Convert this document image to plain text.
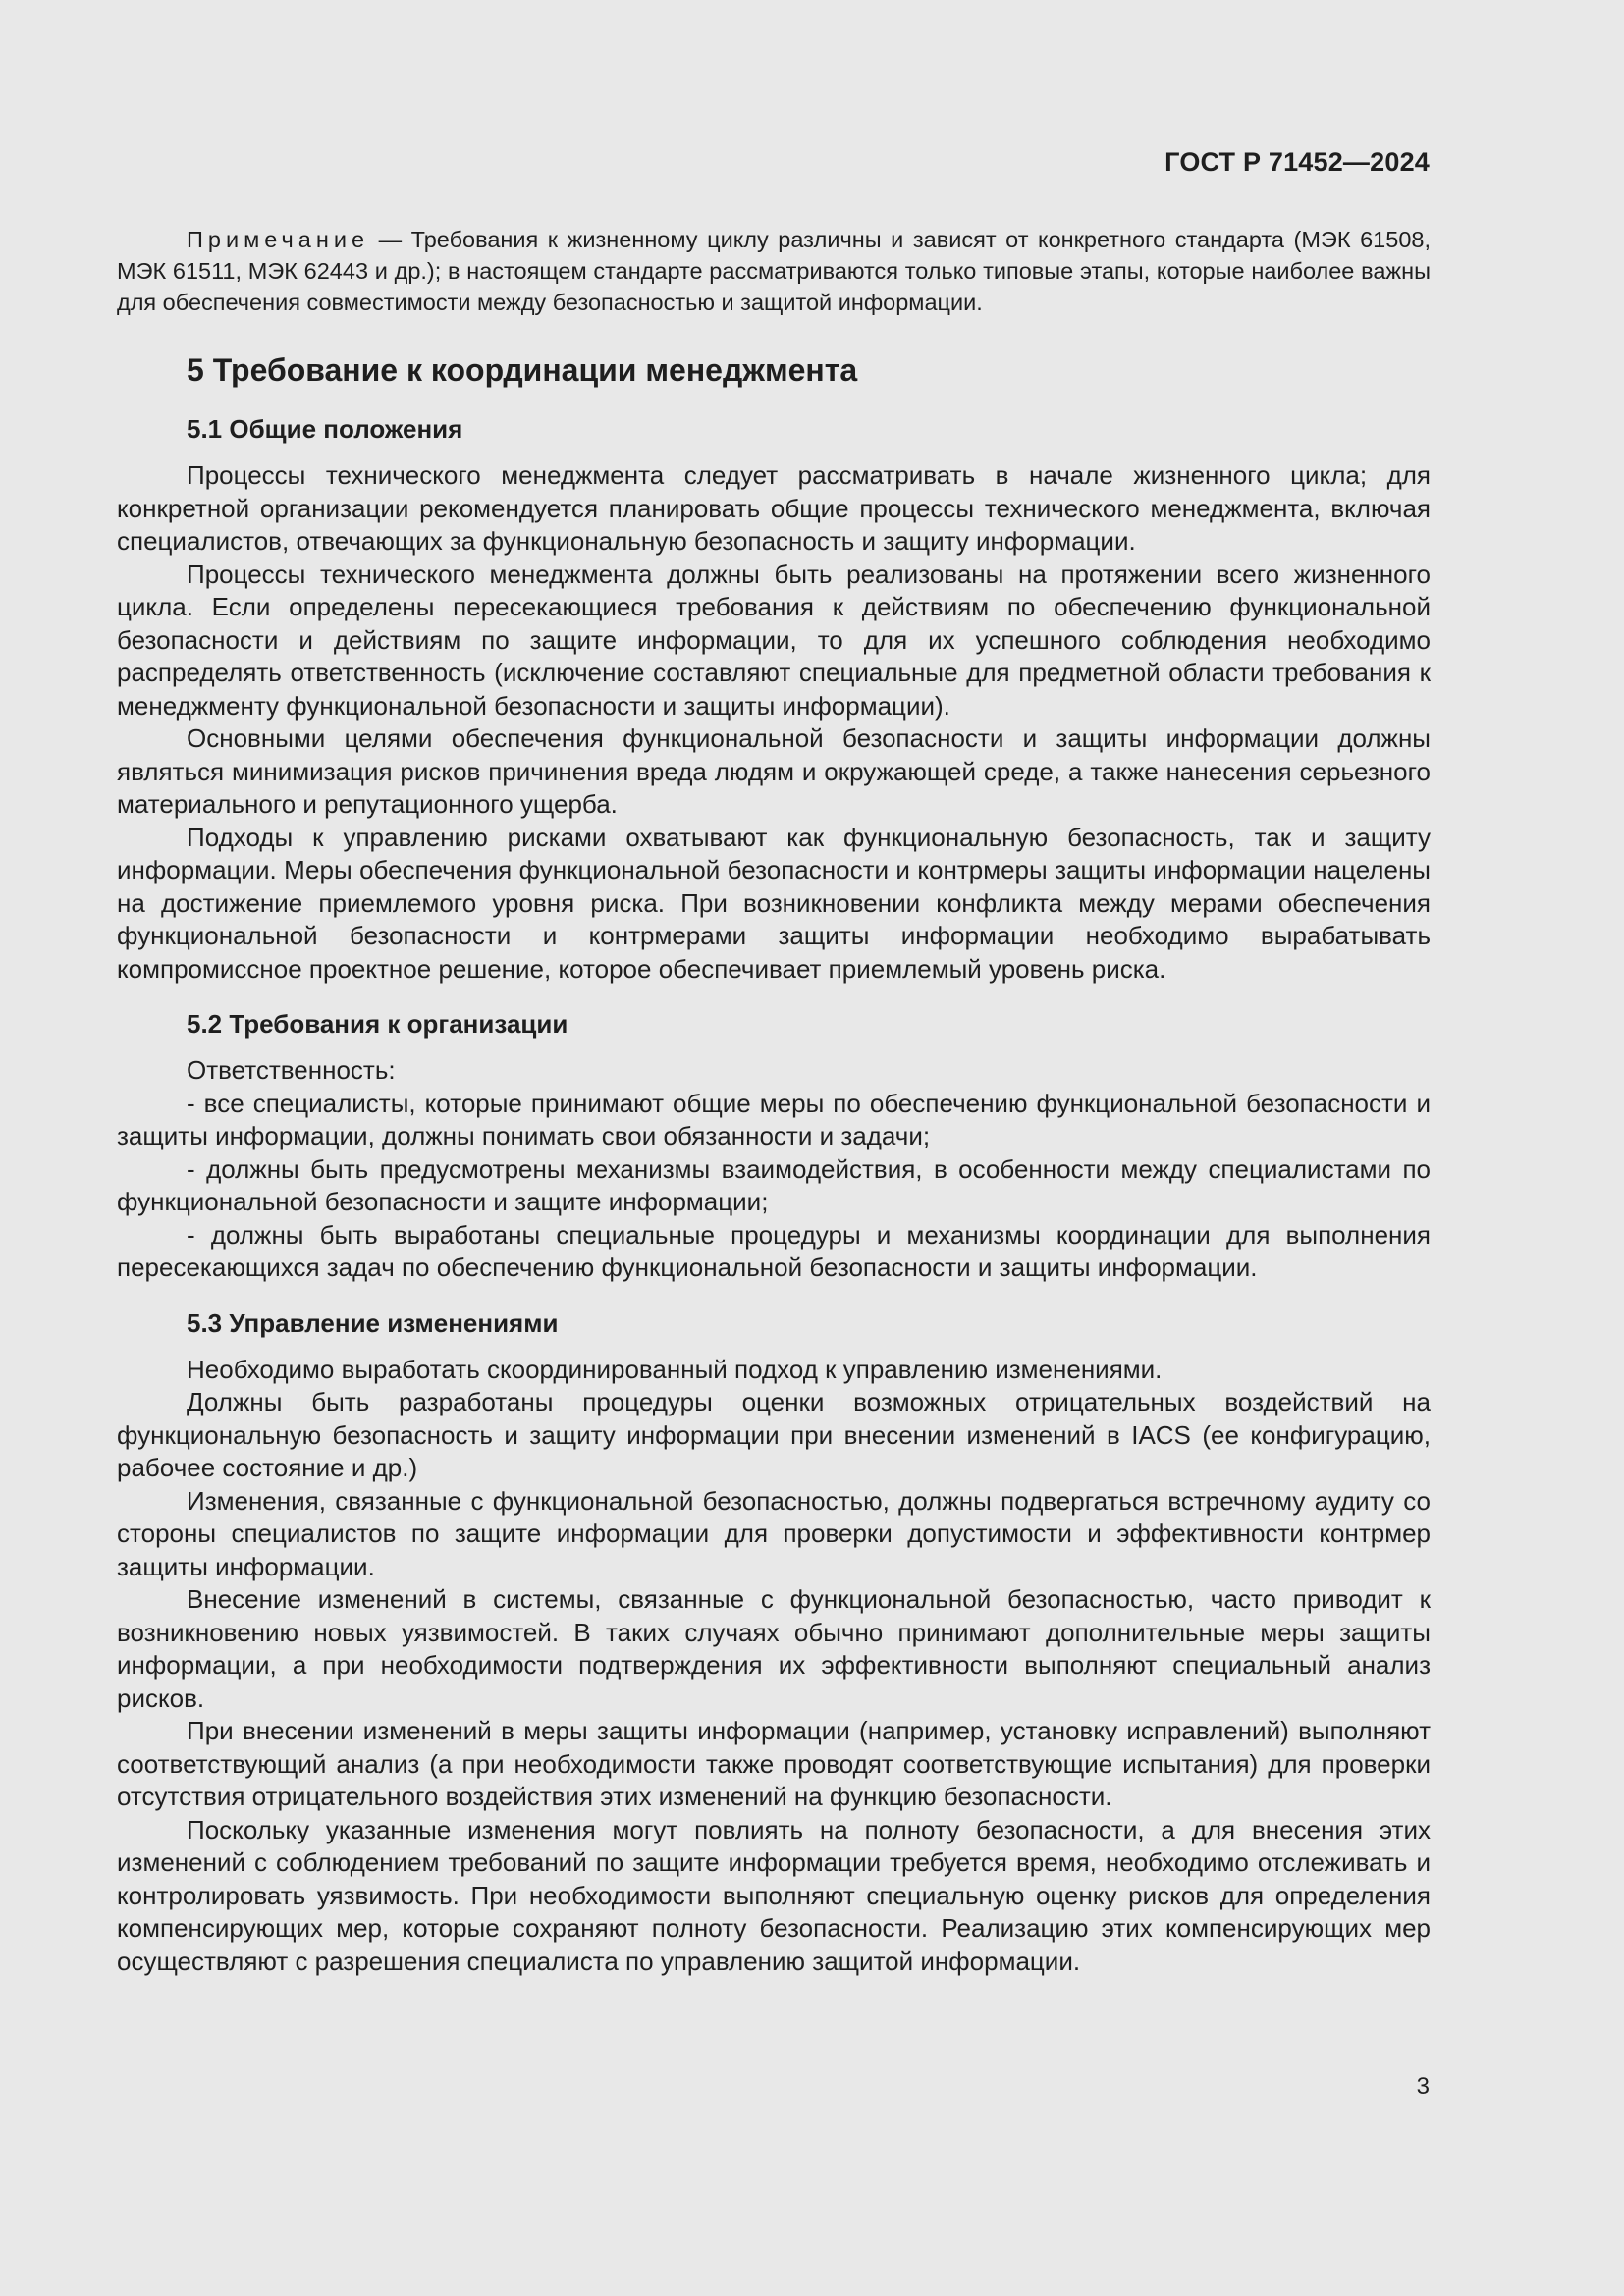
ГОСТ Р 71452—2024

Примечание — Требования к жизненному циклу различны и зависят от конкретного стандарта (МЭК 61508, МЭК 61511, МЭК 62443 и др.); в настоящем стандарте рассматриваются только типовые этапы, которые наиболее важны для обеспечения совместимости между безопасностью и защитой информации.

5 Требование к координации менеджмента
5.1 Общие положения

Процессы технического менеджмента следует рассматривать в начале жизненного цикла; для конкретной организации рекомендуется планировать общие процессы технического менеджмента, включая специалистов, отвечающих за функциональную безопасность и защиту информации.

Процессы технического менеджмента должны быть реализованы на протяжении всего жизненного цикла. Если определены пересекающиеся требования к действиям по обеспечению функциональной безопасности и действиям по защите информации, то для их успешного соблюдения необходимо распределять ответственность (исключение составляют специальные для предметной области требования к менеджменту функциональной безопасности и защиты информации).

Основными целями обеспечения функциональной безопасности и защиты информации должны являться минимизация рисков причинения вреда людям и окружающей среде, а также нанесения серьезного материального и репутационного ущерба.

Подходы к управлению рисками охватывают как функциональную безопасность, так и защиту информации. Меры обеспечения функциональной безопасности и контрмеры защиты информации нацелены на достижение приемлемого уровня риска. При возникновении конфликта между мерами обеспечения функциональной безопасности и контрмерами защиты информации необходимо вырабатывать компромиссное проектное решение, которое обеспечивает приемлемый уровень риска.

5.2 Требования к организации

Ответственность:

- все специалисты, которые принимают общие меры по обеспечению функциональной безопасности и защиты информации, должны понимать свои обязанности и задачи;

- должны быть предусмотрены механизмы взаимодействия, в особенности между специалистами по функциональной безопасности и защите информации;

- должны быть выработаны специальные процедуры и механизмы координации для выполнения пересекающихся задач по обеспечению функциональной безопасности и защиты информации.

5.3 Управление изменениями

Необходимо выработать скоординированный подход к управлению изменениями.

Должны быть разработаны процедуры оценки возможных отрицательных воздействий на функциональную безопасность и защиту информации при внесении изменений в IACS (ее конфигурацию, рабочее состояние и др.)

Изменения, связанные с функциональной безопасностью, должны подвергаться встречному аудиту со стороны специалистов по защите информации для проверки допустимости и эффективности контрмер защиты информации.

Внесение изменений в системы, связанные с функциональной безопасностью, часто приводит к возникновению новых уязвимостей. В таких случаях обычно принимают дополнительные меры защиты информации, а при необходимости подтверждения их эффективности выполняют специальный анализ рисков.

При внесении изменений в меры защиты информации (например, установку исправлений) выполняют соответствующий анализ (а при необходимости также проводят соответствующие испытания) для проверки отсутствия отрицательного воздействия этих изменений на функцию безопасности.

Поскольку указанные изменения могут повлиять на полноту безопасности, а для внесения этих изменений с соблюдением требований по защите информации требуется время, необходимо отслеживать и контролировать уязвимость. При необходимости выполняют специальную оценку рисков для определения компенсирующих мер, которые сохраняют полноту безопасности. Реализацию этих компенсирующих мер осуществляют с разрешения специалиста по управлению защитой информации.

3
